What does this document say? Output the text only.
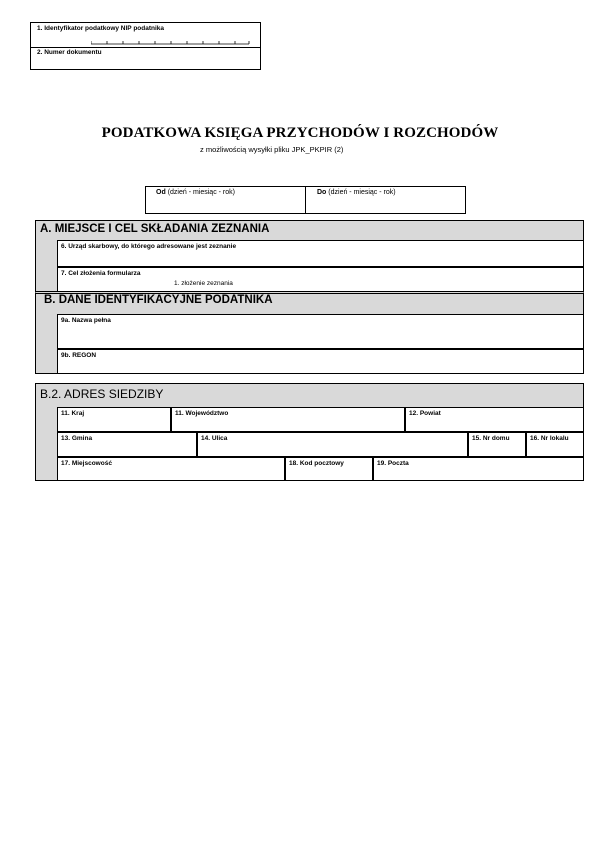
1. Identyfikator podatkowy NIP podatnika
2. Numer dokumentu
PODATKOWA KSIĘGA PRZYCHODÓW I ROZCHODÓW
z możliwością wysyłki pliku JPK_PKPIR (2)
Od (dzień - miesiąc - rok)	Do (dzień - miesiąc - rok)
A. MIEJSCE I CEL SKŁADANIA ZEZNANIA
6. Urząd skarbowy, do którego adresowane jest zeznanie
7. Cel złożenia formularza
1. złożenie zeznania
B. DANE IDENTYFIKACYJNE PODATNIKA
9a. Nazwa pełna
9b. REGON
B.2. ADRES SIEDZIBY
11. Kraj	11. Województwo	12. Powiat
13. Gmina	14. Ulica	15. Nr domu	16. Nr lokalu
17. Miejscowość	18. Kod pocztowy	19. Poczta
